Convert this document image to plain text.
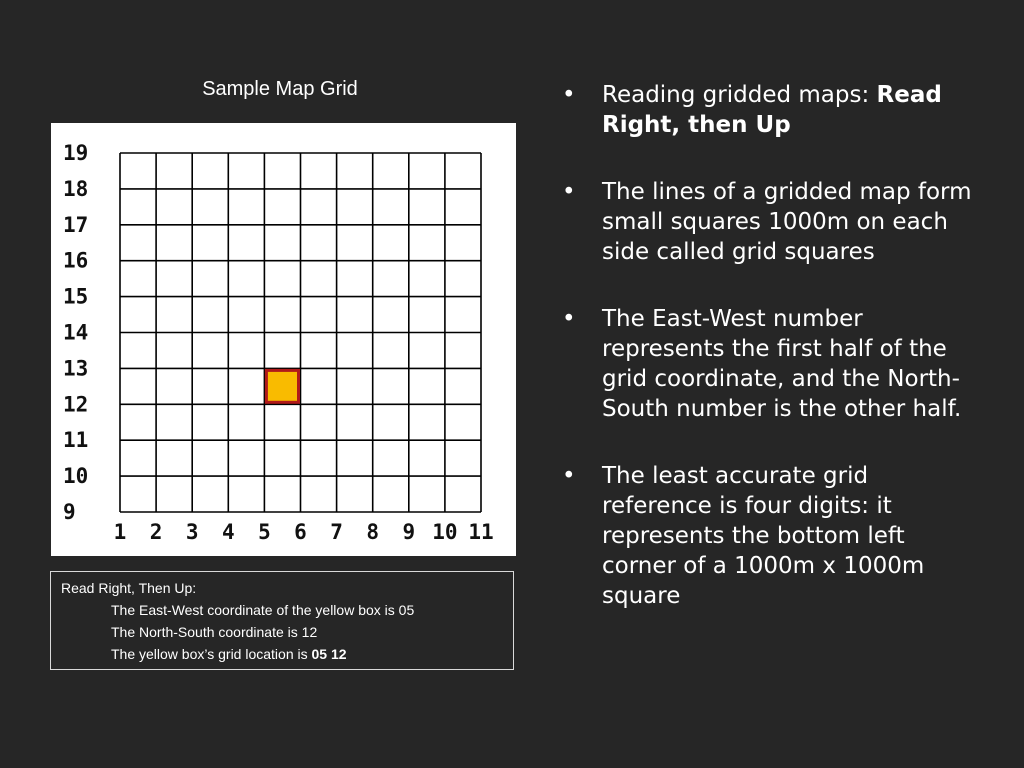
Sample Map Grid
9
10
11
12
13
14
15
16
17
18
19
1 2 3 4 5 6 7 8 9 10 11
Read Right, Then Up:
The East-West coordinate of the yellow box is 05
The North-South coordinate is 12
The yellow box’s grid location is 05 12
• Reading gridded maps: Read Right, then Up
• The lines of a gridded map form small squares 1000m on each side called grid squares
• The East-West number represents the first half of the grid coordinate, and the North-South number is the other half.
• The least accurate grid reference is four digits: it represents the bottom left corner of a 1000m x 1000m square
